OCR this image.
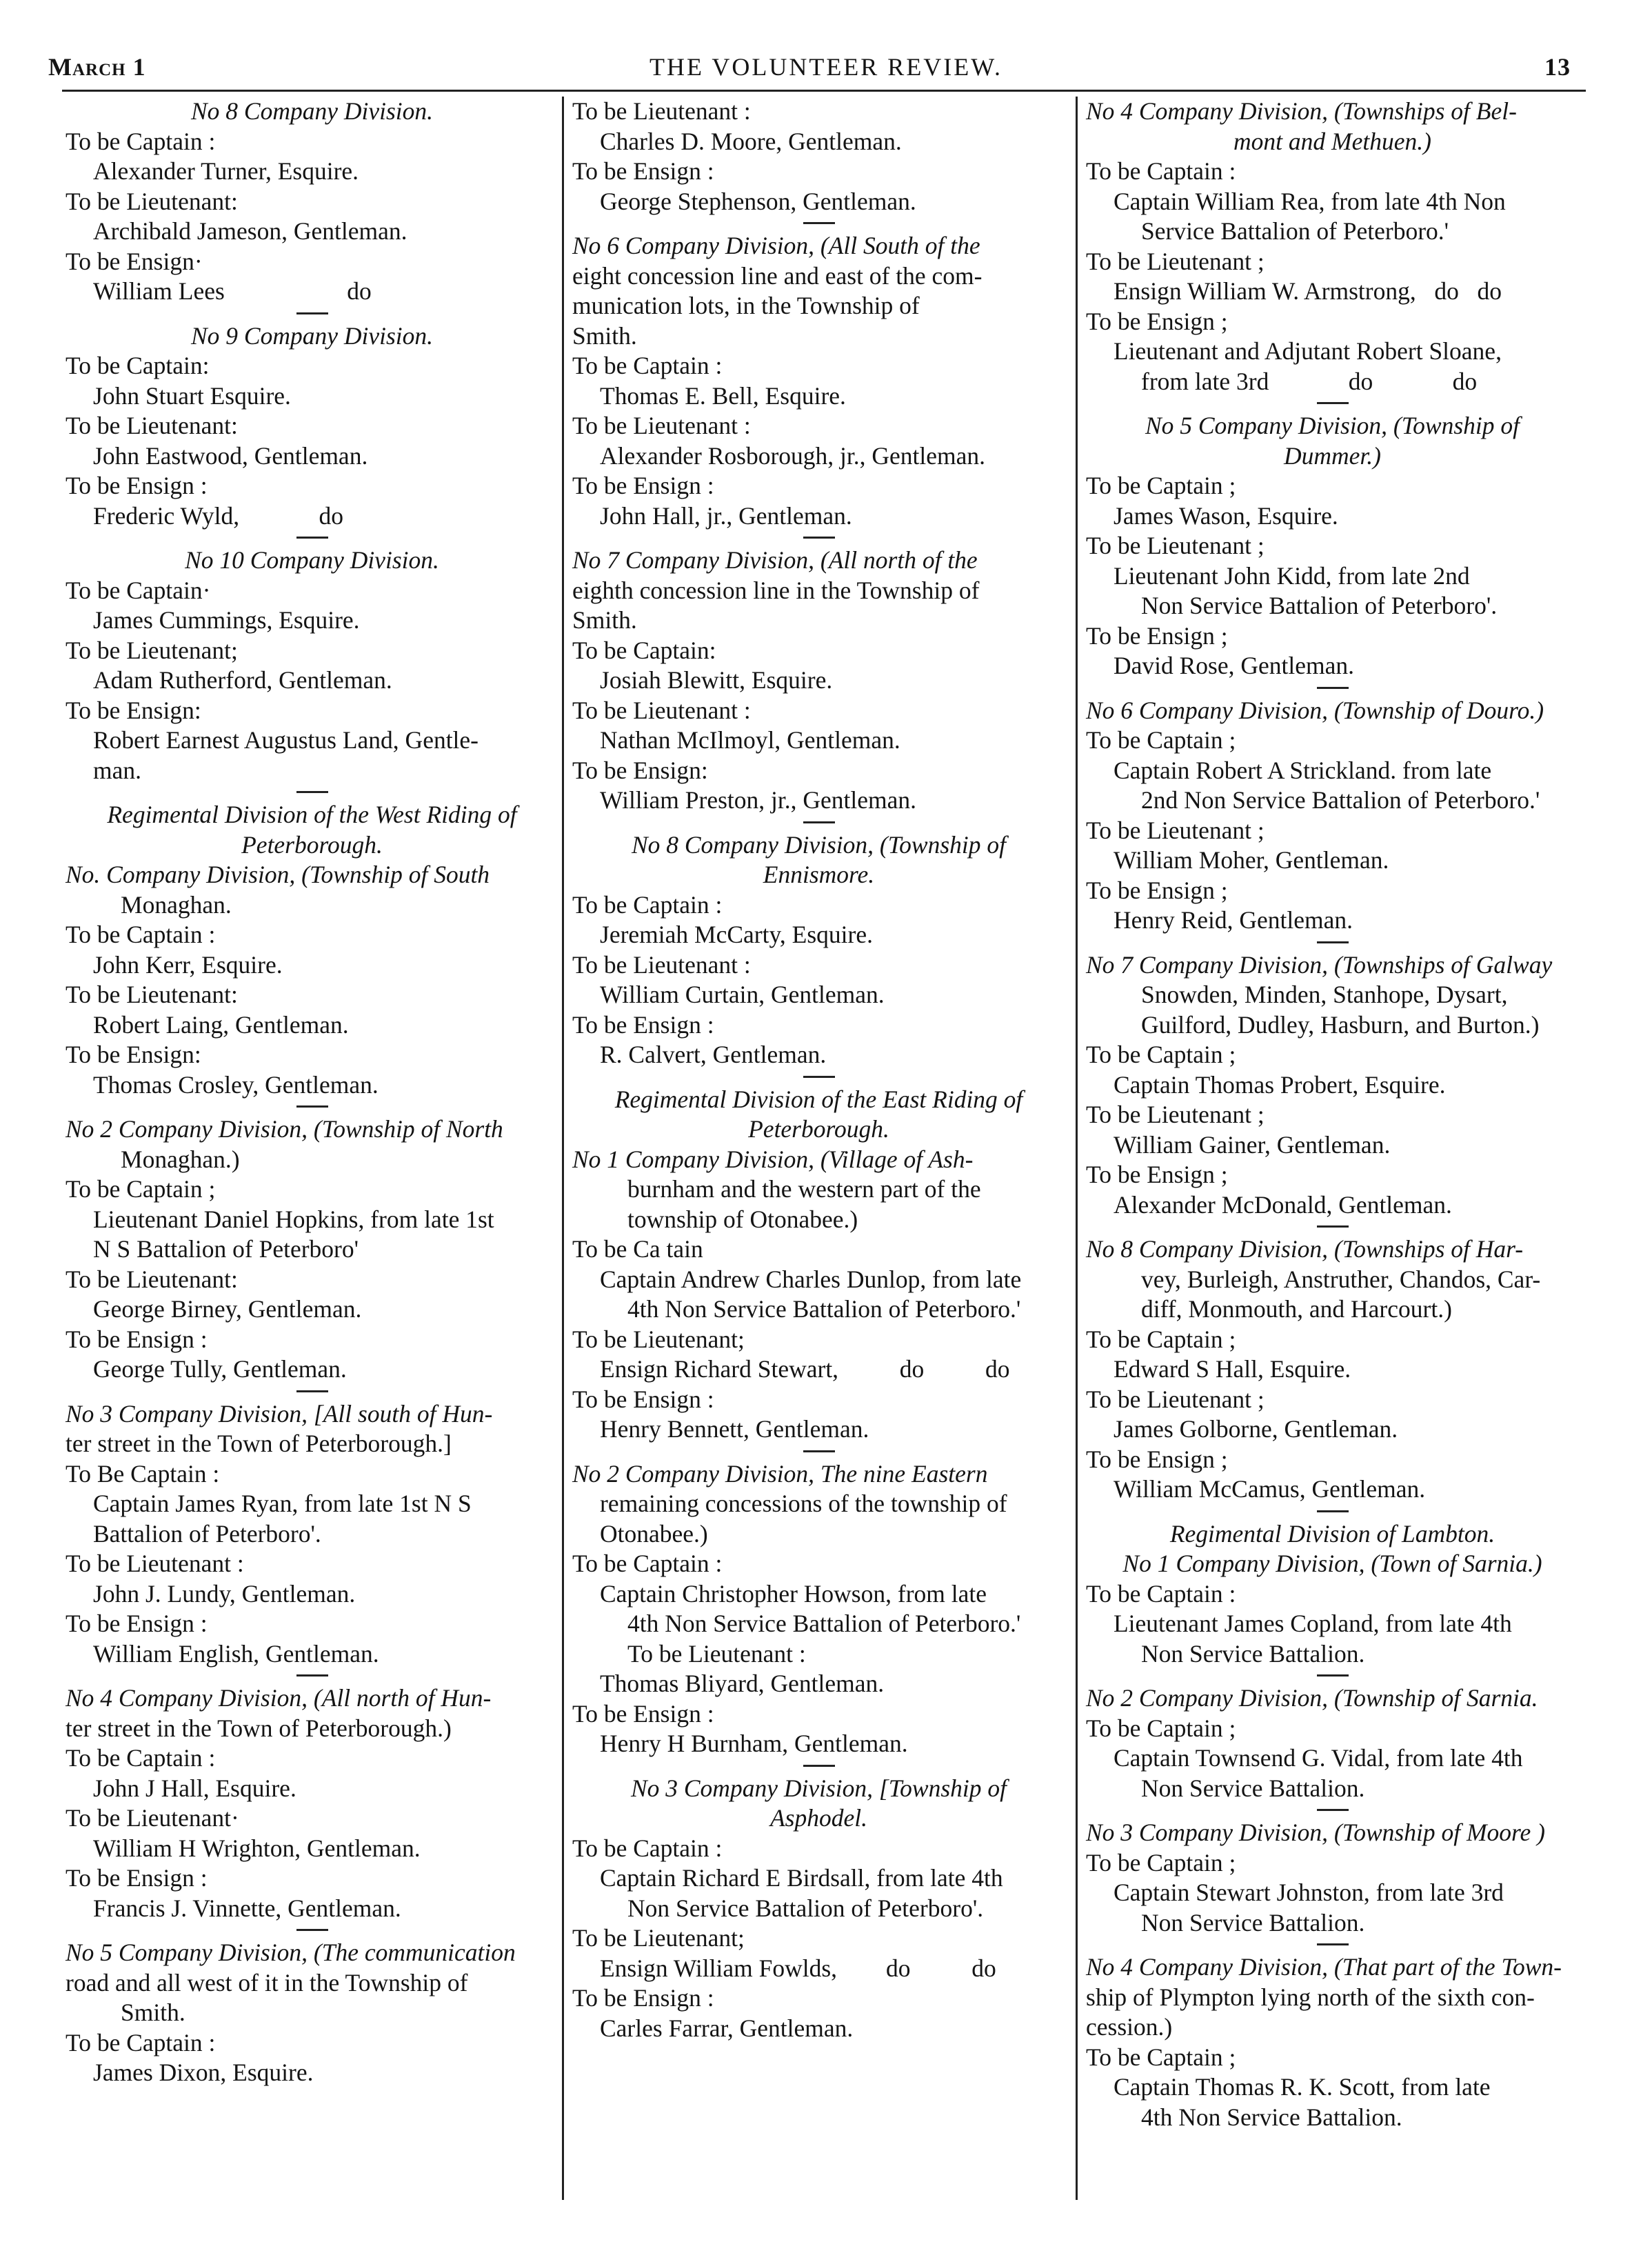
March 1	THE VOLUNTEER REVIEW.	13
No 8 Company Division.
To be Captain :
Alexander Turner, Esquire.
To be Lieutenant:
Archibald Jameson, Gentleman.
To be Ensign·
William Lees                    do
No 9 Company Division.
To be Captain:
John Stuart Esquire.
To be Lieutenant:
John Eastwood, Gentleman.
To be Ensign :
Frederic Wyld,             do
No 10 Company Division.
To be Captain·
James Cummings, Esquire.
To be Lieutenant;
Adam Rutherford, Gentleman.
To be Ensign:
Robert Earnest Augustus Land, Gentle-
man.
Regimental Division of the West Riding of
Peterborough.
No. Company Division, (Township of South
Monaghan.
To be Captain :
John Kerr, Esquire.
To be Lieutenant:
Robert Laing, Gentleman.
To be Ensign:
Thomas Crosley, Gentleman.
No 2 Company Division, (Township of North
Monaghan.)
To be Captain ;
Lieutenant Daniel Hopkins, from late 1st
N S Battalion of Peterboro'
To be Lieutenant:
George Birney, Gentleman.
To be Ensign :
George Tully, Gentleman.
No 3 Company Division, [All south of Hun-
ter street in the Town of Peterborough.]
To Be Captain :
Captain James Ryan, from late 1st N S
Battalion of Peterboro'.
To be Lieutenant :
John J. Lundy, Gentleman.
To be Ensign :
William English, Gentleman.
No 4 Company Division, (All north of Hun-
ter street in the Town of Peterborough.)
To be Captain :
John J Hall, Esquire.
To be Lieutenant·
William H Wrighton, Gentleman.
To be Ensign :
Francis J. Vinnette, Gentleman.
No 5 Company Division, (The communication
road and all west of it in the Township of
Smith.
To be Captain :
James Dixon, Esquire.
To be Lieutenant :
Charles D. Moore, Gentleman.
To be Ensign :
George Stephenson, Gentleman.
No 6 Company Division, (All South of the
eight concession line and east of the com-
munication lots, in the Township of
Smith.
To be Captain :
Thomas E. Bell, Esquire.
To be Lieutenant :
Alexander Rosborough, jr., Gentleman.
To be Ensign :
John Hall, jr., Gentleman.
No 7 Company Division, (All north of the
eighth concession line in the Township of
Smith.
To be Captain:
Josiah Blewitt, Esquire.
To be Lieutenant :
Nathan McIlmoyl, Gentleman.
To be Ensign:
William Preston, jr., Gentleman.
No 8 Company Division, (Township of
Ennismore.
To be Captain :
Jeremiah McCarty, Esquire.
To be Lieutenant :
William Curtain, Gentleman.
To be Ensign :
R. Calvert, Gentleman.
Regimental Division of the East Riding of
Peterborough.
No 1 Company Division, (Village of Ash-
burnham and the western part of the
township of Otonabee.)
To be Ca tain
Captain Andrew Charles Dunlop, from late
4th Non Service Battalion of Peterboro.'
To be Lieutenant;
Ensign Richard Stewart,          do          do
To be Ensign :
Henry Bennett, Gentleman.
No 2 Company Division, The nine Eastern
remaining concessions of the township of
Otonabee.)
To be Captain :
Captain Christopher Howson, from late
4th Non Service Battalion of Peterboro.'
To be Lieutenant :
Thomas Bliyard, Gentleman.
To be Ensign :
Henry H Burnham, Gentleman.
No 3 Company Division, [Township of
Asphodel.
To be Captain :
Captain Richard E Birdsall, from late 4th
Non Service Battalion of Peterboro'.
To be Lieutenant;
Ensign William Fowlds,        do          do
To be Ensign :
Carles Farrar, Gentleman.
No 4 Company Division, (Townships of Bel-
mont and Methuen.)
To be Captain :
Captain William Rea, from late 4th Non
Service Battalion of Peterboro.'
To be Lieutenant ;
Ensign William W. Armstrong,   do   do
To be Ensign ;
Lieutenant and Adjutant Robert Sloane,
from late 3rd             do             do
No 5 Company Division, (Township of
Dummer.)
To be Captain ;
James Wason, Esquire.
To be Lieutenant ;
Lieutenant John Kidd, from late 2nd
Non Service Battalion of Peterboro'.
To be Ensign ;
David Rose, Gentleman.
No 6 Company Division, (Township of Douro.)
To be Captain ;
Captain Robert A Strickland. from late
2nd Non Service Battalion of Peterboro.'
To be Lieutenant ;
William Moher, Gentleman.
To be Ensign ;
Henry Reid, Gentleman.
No 7 Company Division, (Townships of Galway
Snowden, Minden, Stanhope, Dysart,
Guilford, Dudley, Hasburn, and Burton.)
To be Captain ;
Captain Thomas Probert, Esquire.
To be Lieutenant ;
William Gainer, Gentleman.
To be Ensign ;
Alexander McDonald, Gentleman.
No 8 Company Division, (Townships of Har-
vey, Burleigh, Anstruther, Chandos, Car-
diff, Monmouth, and Harcourt.)
To be Captain ;
Edward S Hall, Esquire.
To be Lieutenant ;
James Golborne, Gentleman.
To be Ensign ;
William McCamus, Gentleman.
Regimental Division of Lambton.
No 1 Company Division, (Town of Sarnia.)
To be Captain :
Lieutenant James Copland, from late 4th
Non Service Battalion.
No 2 Company Division, (Township of Sarnia.
To be Captain ;
Captain Townsend G. Vidal, from late 4th
Non Service Battalion.
No 3 Company Division, (Township of Moore )
To be Captain ;
Captain Stewart Johnston, from late 3rd
Non Service Battalion.
No 4 Company Division, (That part of the Town-
ship of Plympton lying north of the sixth con-
cession.)
To be Captain ;
Captain Thomas R. K. Scott, from late
4th Non Service Battalion.
